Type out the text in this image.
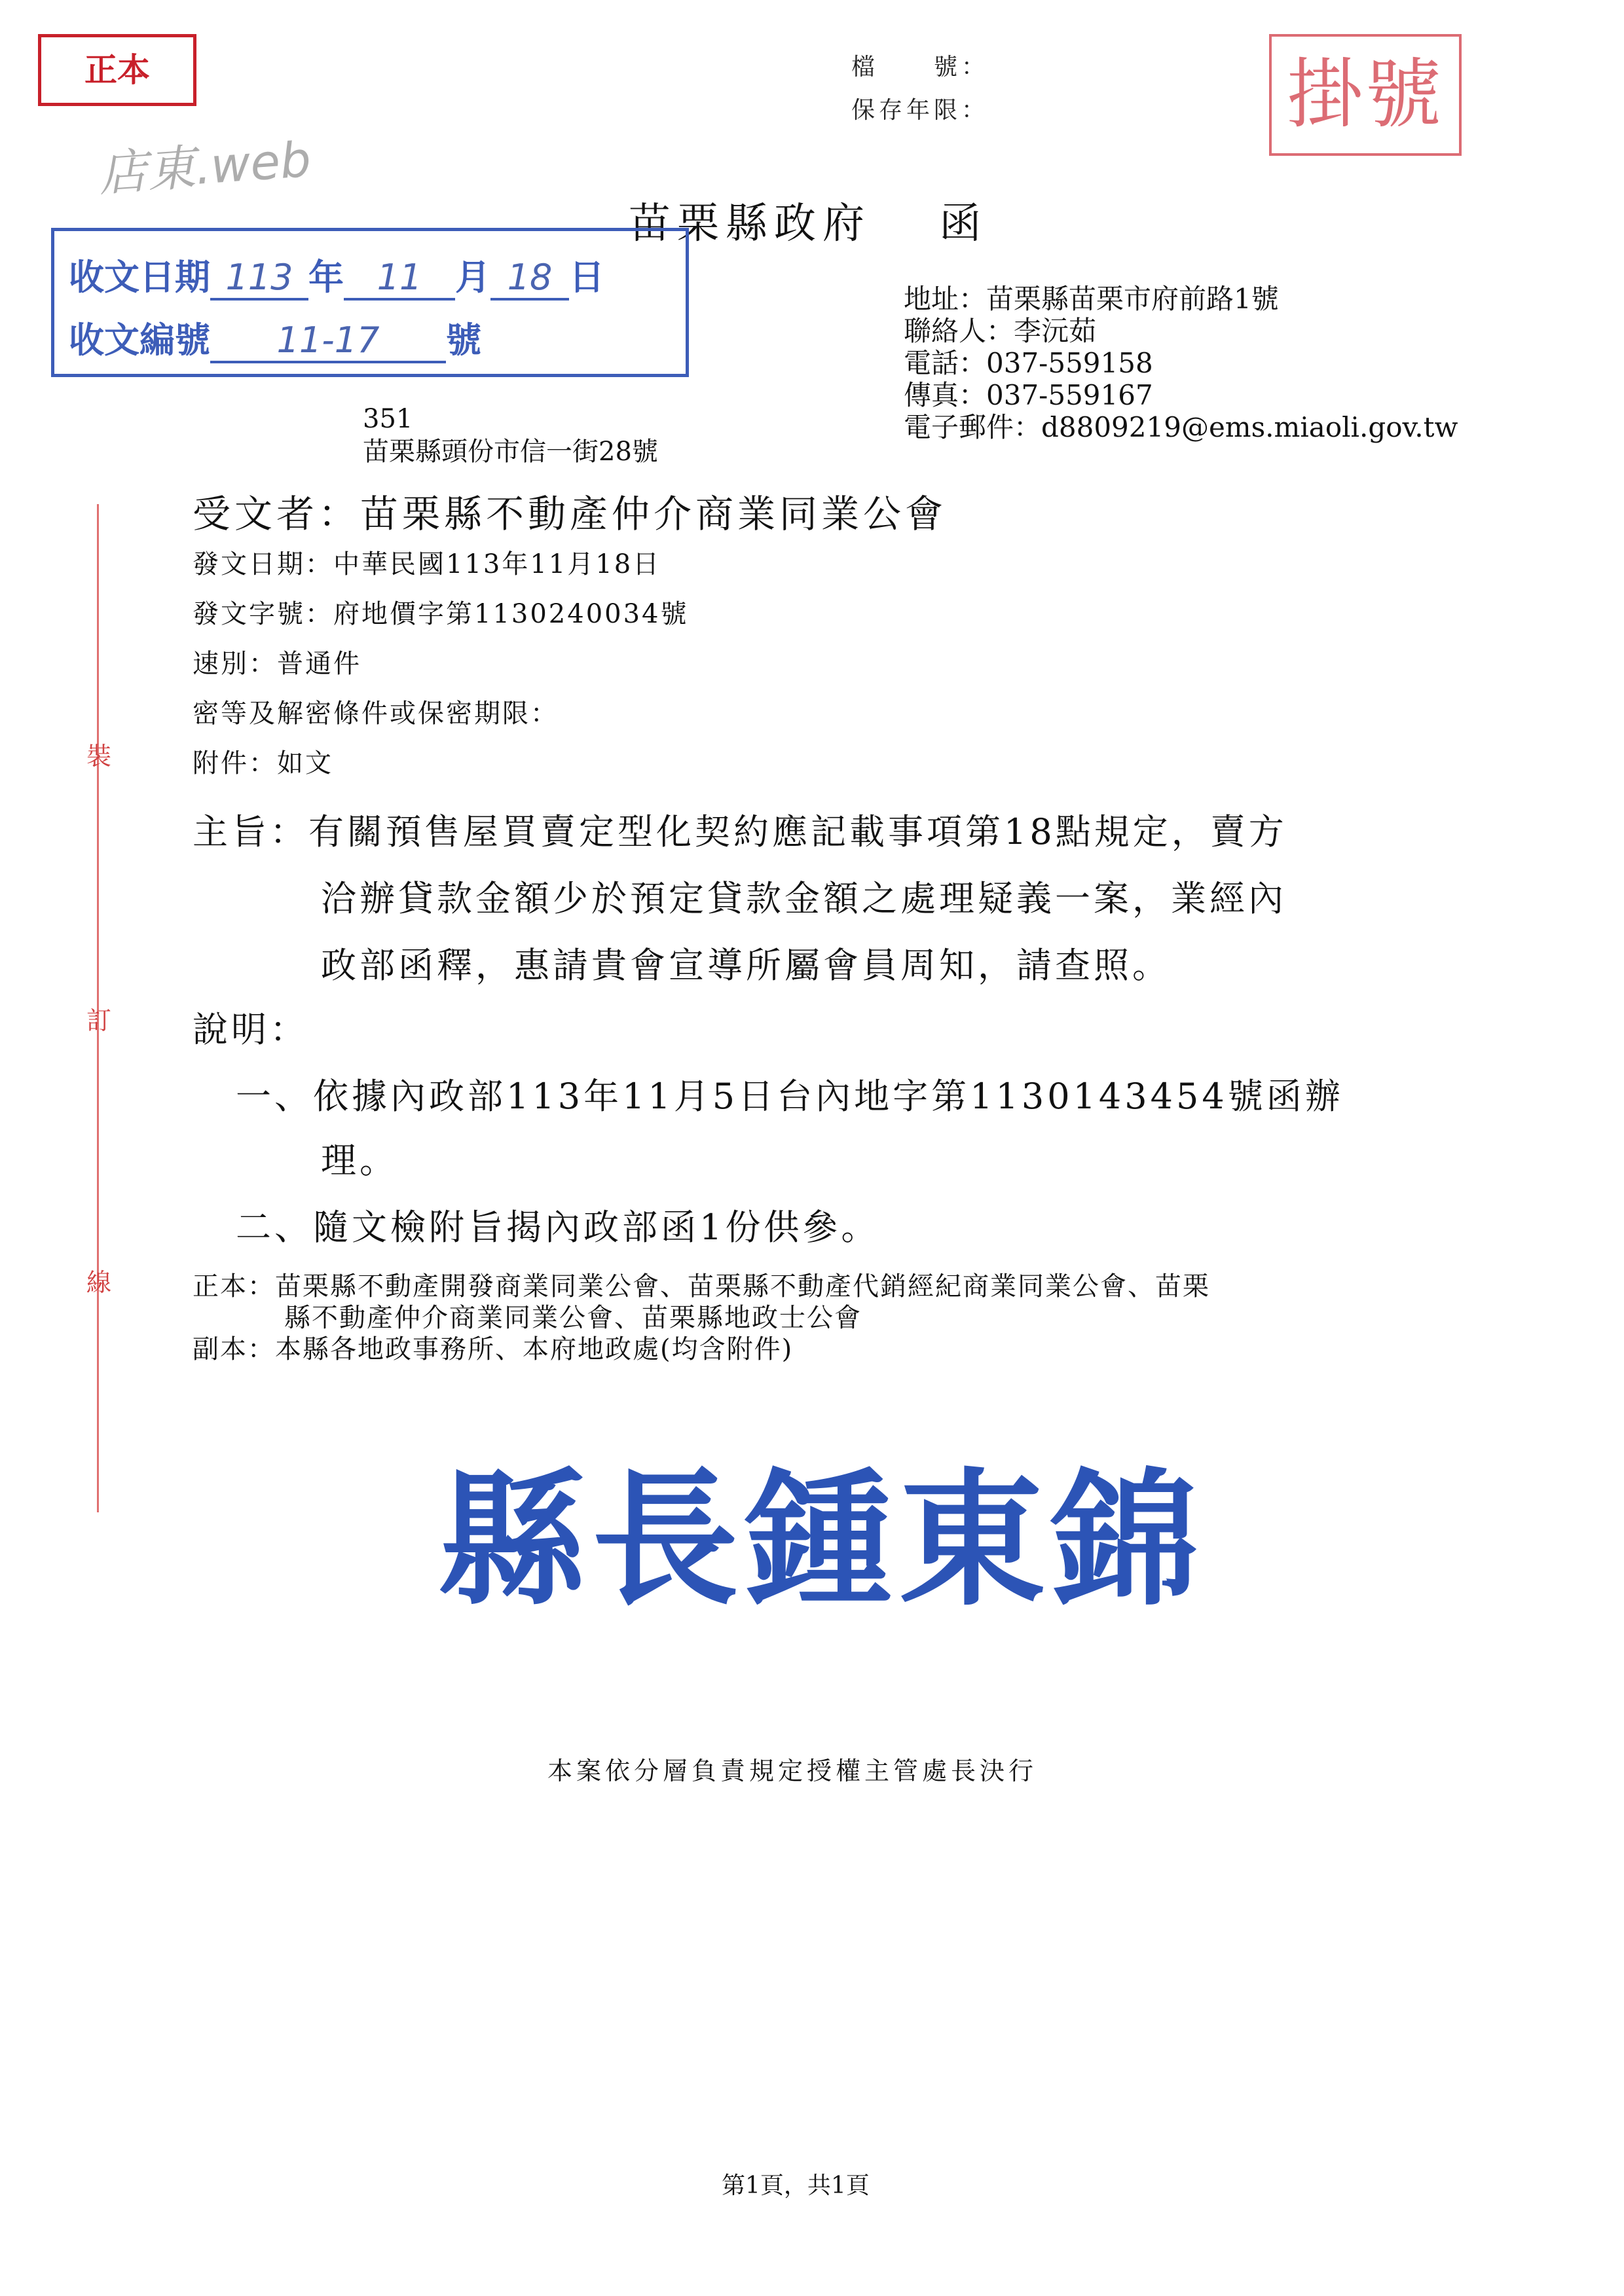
正本	檔　　號：
保存年限：	掛號
店東.web
苗栗縣政府　 函
收文日期 113 年 11 月 18 日
收文編號 11-17 號
地址：苗栗縣苗栗市府前路1號
聯絡人：李沅茹
電話：037-559158
傳真：037-559167
電子郵件：d8809219@ems.miaoli.gov.tw
351
苗栗縣頭份市信一街28號
受文者：苗栗縣不動產仲介商業同業公會
發文日期：中華民國113年11月18日
發文字號：府地價字第1130240034號
速別：普通件
密等及解密條件或保密期限：
附件：如文
主旨：有關預售屋買賣定型化契約應記載事項第18點規定，賣方
洽辦貸款金額少於預定貸款金額之處理疑義一案，業經內
政部函釋，惠請貴會宣導所屬會員周知，請查照。
說明：
一、依據內政部113年11月5日台內地字第1130143454號函辦
理。
二、隨文檢附旨揭內政部函1份供參。
正本：苗栗縣不動產開發商業同業公會、苗栗縣不動產代銷經紀商業同業公會、苗栗
縣不動產仲介商業同業公會、苗栗縣地政士公會
副本：本縣各地政事務所、本府地政處(均含附件)
裝
訂
線
縣長鍾東錦
本案依分層負責規定授權主管處長決行
第1頁，共1頁
